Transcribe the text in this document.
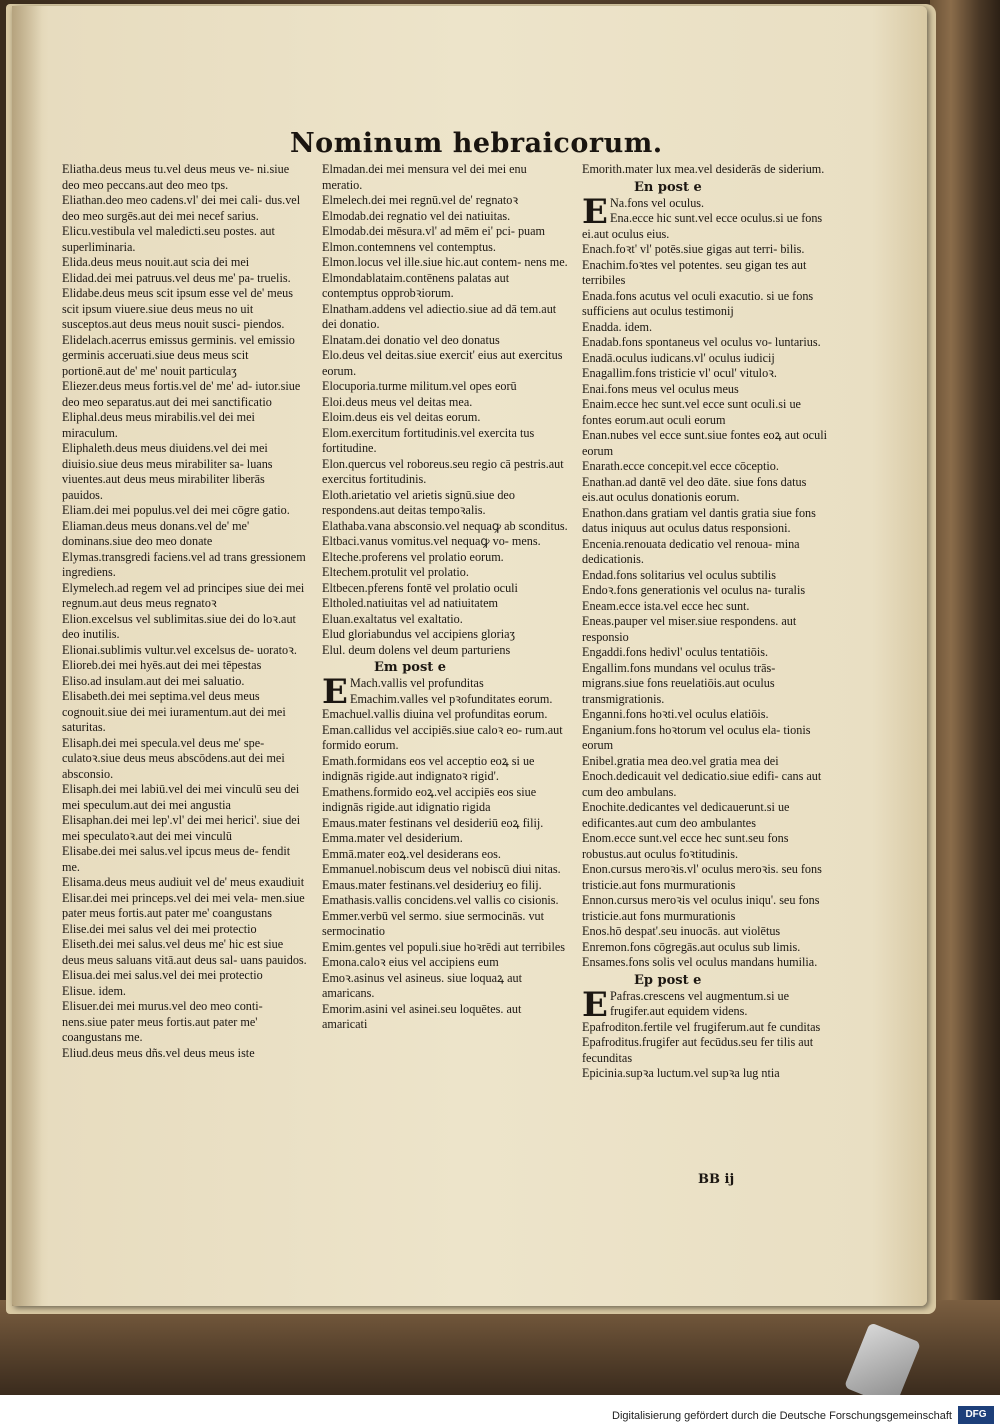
Nominum hebraicorum.

Eliatha.deus meus tu.vel deus meus ve- ni.siue deo meo peccans.aut deo meo tps.

Eliathan.deo meo cadens.vl' dei mei cali- dus.vel deo meo surgēs.aut dei mei necef sarius.

Elicu.vestibula vel maledicti.seu postes. aut superliminaria.

Elida.deus meus nouit.aut scia dei mei

Elidad.dei mei patruus.vel deus me' pa- truelis.

Elidabe.deus meus scit ipsum esse vel de' meus scit ipsum viuere.siue deus meus no uit susceptos.aut deus meus nouit susci- piendos.

Elidelach.acerrus emissus germinis. vel emissio germinis acceruati.siue deus meus scit portionē.aut de' me' nouit particulaʒ

Eliezer.deus meus fortis.vel de' me' ad- iutor.siue deo meo separatus.aut dei mei sanctificatio

Eliphal.deus meus mirabilis.vel dei mei miraculum.

Eliphaleth.deus meus diuidens.vel dei mei diuisio.siue deus meus mirabiliter sa- luans viuentes.aut deus meus mirabiliter liberās pauidos.

Eliam.dei mei populus.vel dei mei cōgre gatio.

Eliaman.deus meus donans.vel de' me' dominans.siue deo meo donate

Elymas.transgredi faciens.vel ad trans gressionem ingrediens.

Elymelech.ad regem vel ad principes siue dei mei regnum.aut deus meus regnatoꝛ

Elion.excelsus vel sublimitas.siue dei do loꝛ.aut deo inutilis.

Elionai.sublimis vultur.vel excelsus de- uoratoꝛ.

Elioreb.dei mei hyēs.aut dei mei tēpestas

Eliso.ad insulam.aut dei mei saluatio.

Elisabeth.dei mei septima.vel deus meus cognouit.siue dei mei iuramentum.aut dei mei saturitas.

Elisaph.dei mei specula.vel deus me' spe- culatoꝛ.siue deus meus abscōdens.aut dei mei absconsio.

Elisaph.dei mei labiū.vel dei mei vinculū seu dei mei speculum.aut dei mei angustia

Elisaphan.dei mei lep'.vl' dei mei herici'. siue dei mei speculatoꝛ.aut dei mei vinculū

Elisabe.dei mei salus.vel ipcus meus de- fendit me.

Elisama.deus meus audiuit vel de' meus exaudiuit

Elisar.dei mei princeps.vel dei mei vela- men.siue pater meus fortis.aut pater me' coangustans

Elise.dei mei salus vel dei mei protectio

Eliseth.dei mei salus.vel deus me' hic est siue deus meus saluans vitā.aut deus sal- uans pauidos.

Elisua.dei mei salus.vel dei mei protectio

Elisue. idem.

Elisuer.dei mei murus.vel deo meo conti- nens.siue pater meus fortis.aut pater me' coangustans me.

Eliud.deus meus dñs.vel deus meus iste

Elmadan.dei mei mensura vel dei mei enu meratio.

Elmelech.dei mei regnū.vel de' regnatoꝛ

Elmodab.dei regnatio vel dei natiuitas.

Elmodab.dei mēsura.vl' ad mēm ei' pci- puam

Elmon.contemnens vel contemptus.

Elmon.locus vel ille.siue hic.aut contem- nens me.

Elmondablataim.contēnens palatas aut contemptus opprobꝛiorum.

Elnatham.addens vel adiectio.siue ad dā tem.aut dei donatio.

Elnatam.dei donatio vel deo donatus

Elo.deus vel deitas.siue exercit' eius aut exercitus eorum.

Elocuporia.turme militum.vel opes eorū

Eloi.deus meus vel deitas mea.

Eloim.deus eis vel deitas eorum.

Elom.exercitum fortitudinis.vel exercita tus fortitudine.

Elon.quercus vel roboreus.seu regio cā pestris.aut exercitus fortitudinis.

Eloth.arietatio vel arietis signū.siue deo respondens.aut deitas tempoꝛalis.

Elathaba.vana absconsio.vel nequaꝙ ab sconditus.

Eltbaci.vanus vomitus.vel nequaꝙ vo- mens.

Elteche.proferens vel prolatio eorum.

Eltechem.protulit vel prolatio.

Eltbecen.pferens fontē vel prolatio oculi

Eltholed.natiuitas vel ad natiuitatem

Eluan.exaltatus vel exaltatio.

Elud gloriabundus vel accipiens gloriaʒ

Elul. deum dolens vel deum parturiens

Em post e

E Mach.vallis vel profunditas

Emachim.valles vel pꝛofunditates eorum.

Emachuel.vallis diuina vel profunditas eorum.

Eman.callidus vel accipiēs.siue caloꝛ eo- rum.aut formido eorum.

Emath.formidans eos vel acceptio eoꝝ si ue indignās rigide.aut indignatoꝛ rigid'.

Emathens.formido eoꝝ.vel accipiēs eos siue indignās rigide.aut idignatio rigida

Emaus.mater festinans vel desideriū eoꝝ filij.

Emma.mater vel desiderium.

Emmā.mater eoꝝ.vel desiderans eos.

Emmanuel.nobiscum deus vel nobiscū diui nitas.

Emaus.mater festinans.vel desideriuʒ eo filij.

Emathasis.vallis concidens.vel vallis co cisionis.

Emmer.verbū vel sermo. siue sermocinās. vut sermocinatio

Emim.gentes vel populi.siue hoꝛrēdi aut terribiles

Emona.caloꝛ eius vel accipiens eum

Emoꝛ.asinus vel asineus. siue loquaꝝ aut amaricans.

Emorim.asini vel asinei.seu loquētes. aut amaricati

Emorith.mater lux mea.vel desiderās de siderium.

En post e

E Na.fons vel oculus.

Ena.ecce hic sunt.vel ecce oculus.si ue fons ei.aut oculus eius.

Enach.foꝛt' vl' potēs.siue gigas aut terri- bilis.

Enachim.foꝛtes vel potentes. seu gigan tes aut terribiles

Enada.fons acutus vel oculi exacutio. si ue fons sufficiens aut oculus testimonij

Enadda. idem.

Enadab.fons spontaneus vel oculus vo- luntarius.

Enadā.oculus iudicans.vl' oculus iudicij

Enagallim.fons tristicie vl' ocul' vituloꝛ.

Enai.fons meus vel oculus meus

Enaim.ecce hec sunt.vel ecce sunt oculi.si ue fontes eorum.aut oculi eorum

Enan.nubes vel ecce sunt.siue fontes eoꝝ aut oculi eorum

Enarath.ecce concepit.vel ecce cōceptio.

Enathan.ad dantē vel deo dāte. siue fons datus eis.aut oculus donationis eorum.

Enathon.dans gratiam vel dantis gratia siue fons datus iniquus aut oculus datus responsioni.

Encenia.renouata dedicatio vel renoua- mina dedicationis.

Endad.fons solitarius vel oculus subtilis

Endoꝛ.fons generationis vel oculus na- turalis

Eneam.ecce ista.vel ecce hec sunt.

Eneas.pauper vel miser.siue respondens. aut responsio

Engaddi.fons hedivl' oculus tentatiōis.

Engallim.fons mundans vel oculus trās- migrans.siue fons reuelatiōis.aut oculus transmigrationis.

Enganni.fons hoꝛti.vel oculus elatiōis.

Enganium.fons hoꝛtorum vel oculus ela- tionis eorum

Enibel.gratia mea deo.vel gratia mea dei

Enoch.dedicauit vel dedicatio.siue edifi- cans aut cum deo ambulans.

Enochite.dedicantes vel dedicauerunt.si ue edificantes.aut cum deo ambulantes

Enom.ecce sunt.vel ecce hec sunt.seu fons robustus.aut oculus foꝛtitudinis.

Enon.cursus meroꝛis.vl' oculus meroꝛis. seu fons tristicie.aut fons murmurationis

Ennon.cursus meroꝛis vel oculus iniqu'. seu fons tristicie.aut fons murmurationis

Enos.hō despat'.seu inuocās. aut violētus

Enremon.fons cōgregās.aut oculus sub limis.

Ensames.fons solis vel oculus mandans humilia.

Ep post e

E Pafras.crescens vel augmentum.si ue frugifer.aut equidem videns.

Epafroditon.fertile vel frugiferum.aut fe cunditas

Epafroditus.frugifer aut fecūdus.seu fer tilis aut fecunditas

Epicinia.supꝛa luctum.vel supꝛa lug ntia

BB ij
Digitalisierung gefördert durch die Deutsche Forschungsgemeinschaft	DFG
